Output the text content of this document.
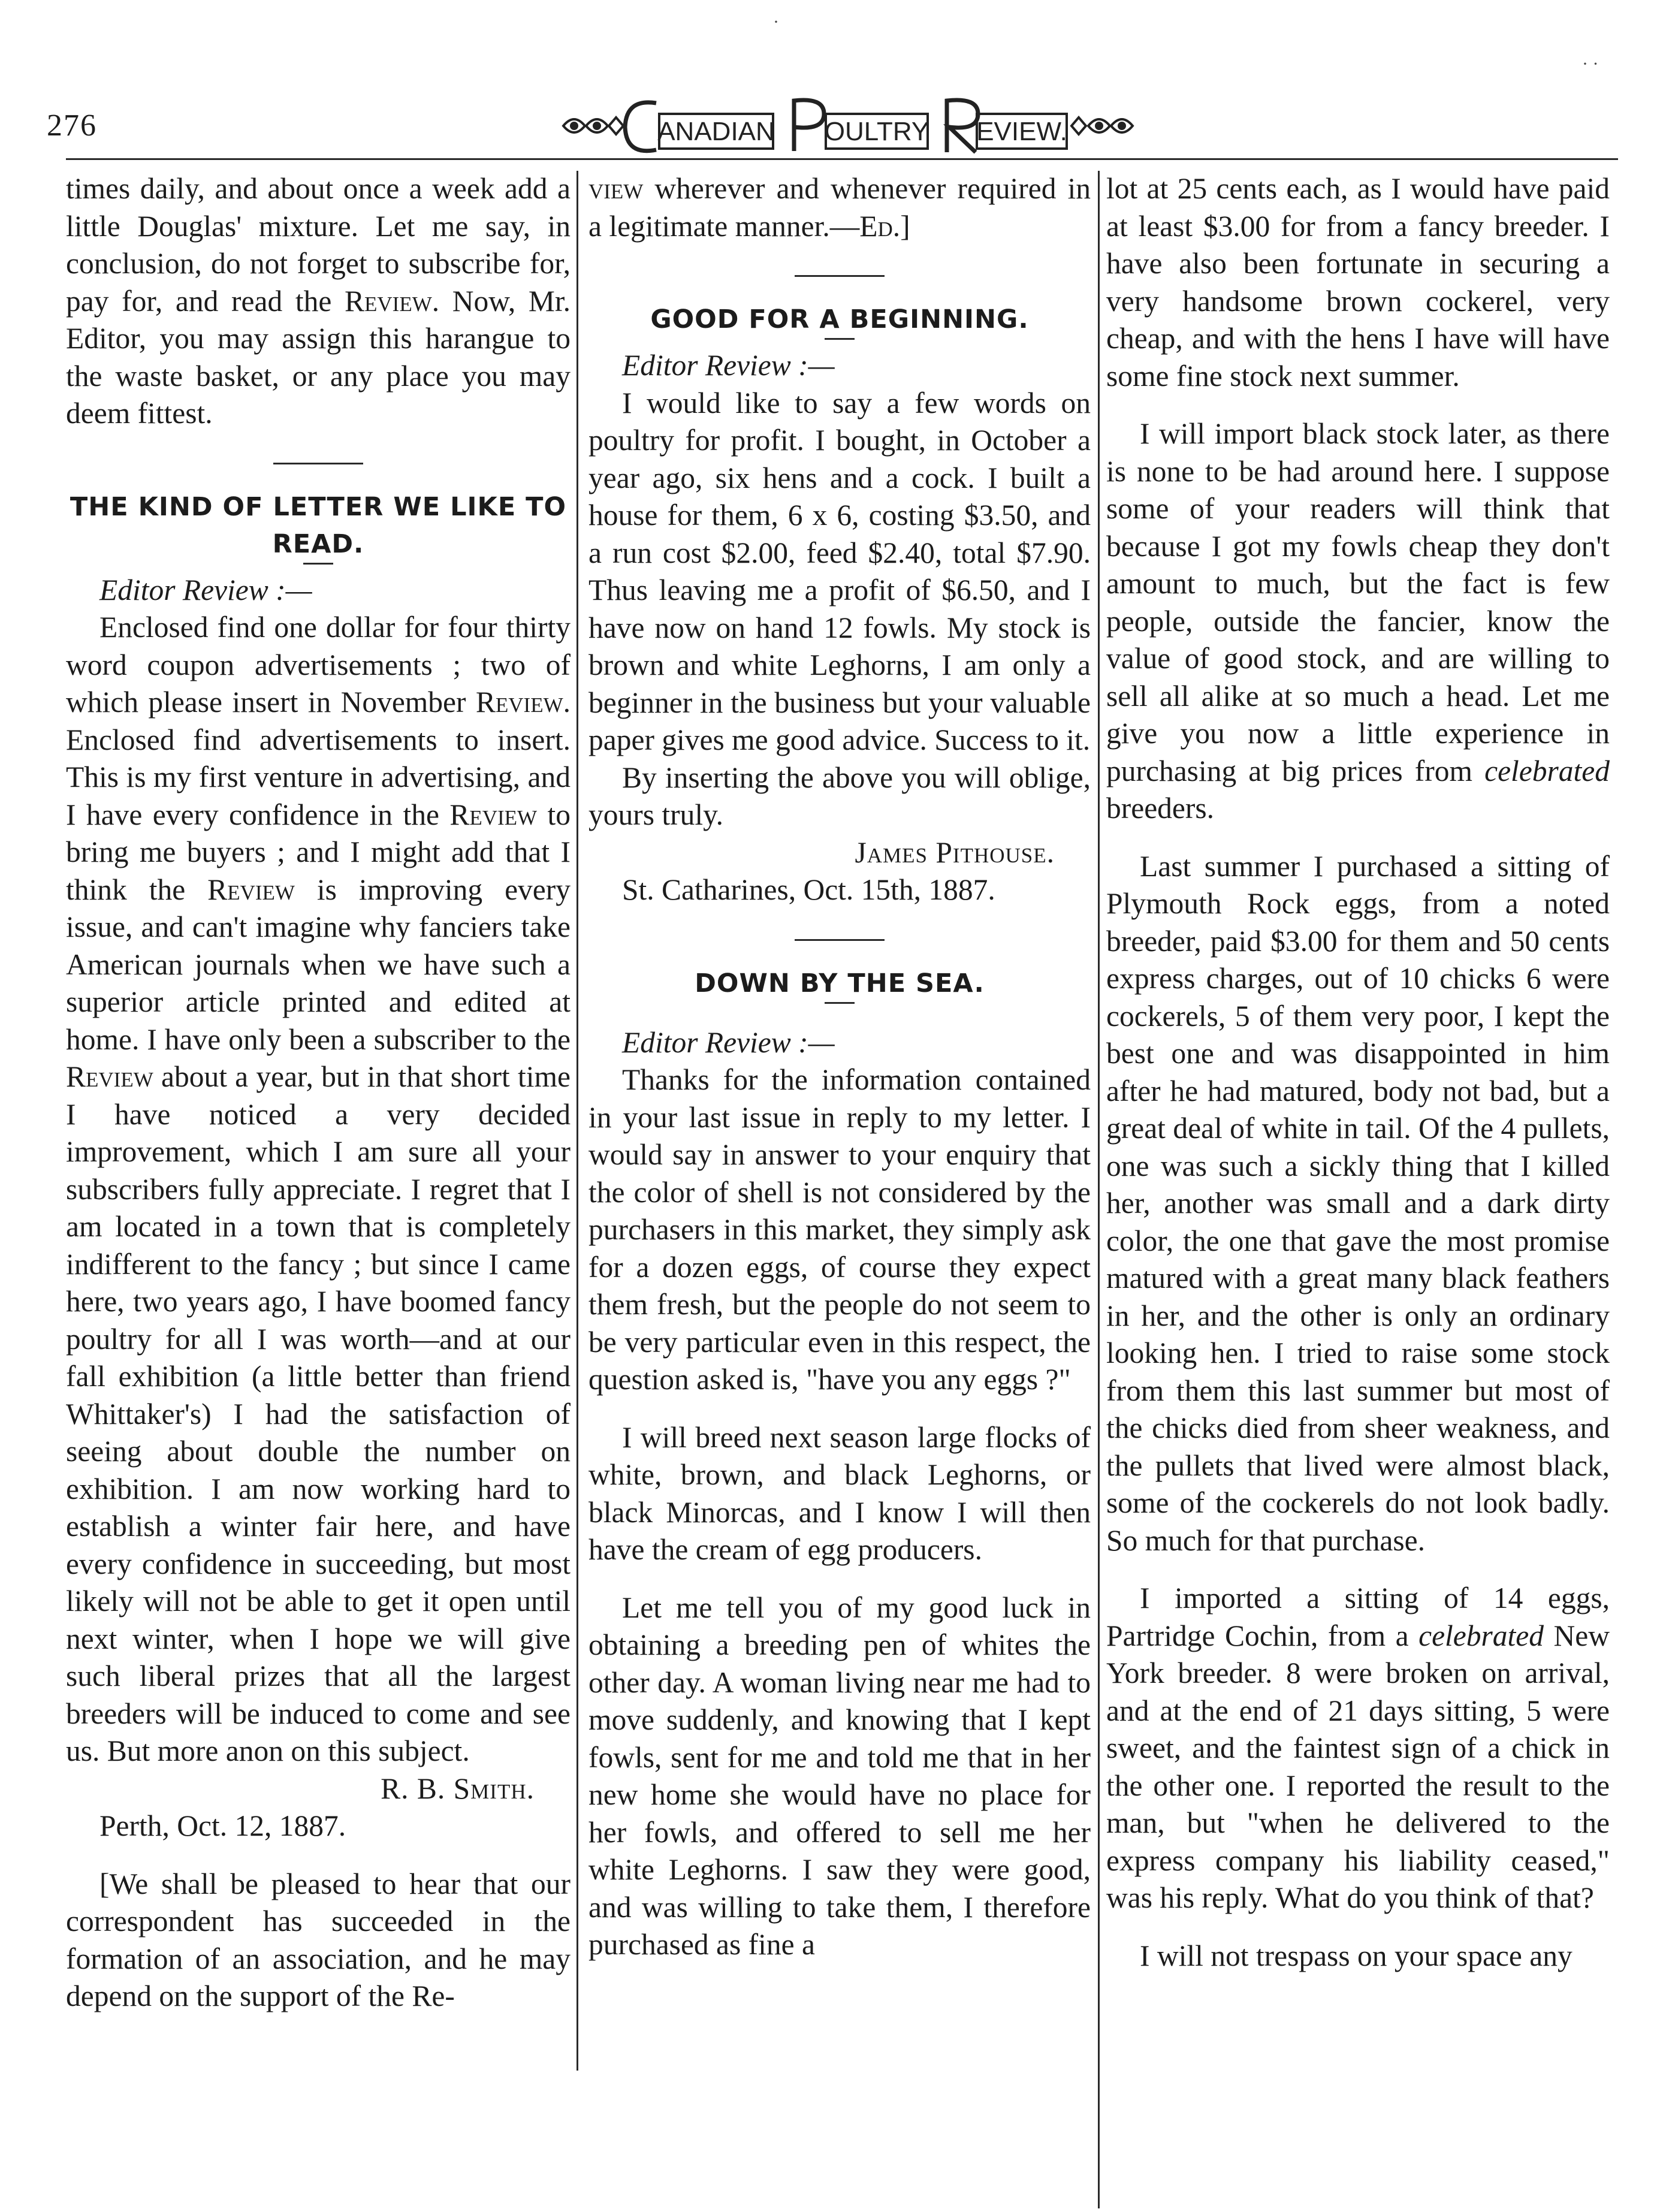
276	ANADIAN OULTRY EVIEW.
·
· ·

times daily, and about once a week add a little Douglas' mixture. Let me say, in conclusion, do not forget to subscribe for, pay for, and read the Review. Now, Mr. Editor, you may assign this harangue to the waste basket, or any place you may deem fittest.

THE KIND OF LETTER WE LIKE TO READ.

Editor Review :—

Enclosed find one dollar for four thirty word coupon advertisements ; two of which please insert in November Review. Enclosed find advertisements to insert. This is my first venture in advertising, and I have every confidence in the Review to bring me buyers ; and I might add that I think the Review is improving every issue, and can't imagine why fanciers take American journals when we have such a superior article printed and edited at home. I have only been a subscriber to the Review about a year, but in that short time I have noticed a very decided improvement, which I am sure all your subscribers fully appreciate. I regret that I am located in a town that is completely indifferent to the fancy ; but since I came here, two years ago, I have boomed fancy poultry for all I was worth—and at our fall exhibition (a little better than friend Whittaker's) I had the satisfaction of seeing about double the number on exhibition. I am now working hard to establish a winter fair here, and have every confidence in succeeding, but most likely will not be able to get it open until next winter, when I hope we will give such liberal prizes that all the largest breeders will be induced to come and see us. But more anon on this subject.

R. B. Smith.

Perth, Oct. 12, 1887.

[We shall be pleased to hear that our correspondent has succeeded in the formation of an association, and he may depend on the support of the Re-

view wherever and whenever required in a legitimate manner.—Ed.]

GOOD FOR A BEGINNING.

Editor Review :—

I would like to say a few words on poultry for profit. I bought, in October a year ago, six hens and a cock. I built a house for them, 6 x 6, costing $3.50, and a run cost $2.00, feed $2.40, total $7.90. Thus leaving me a profit of $6.50, and I have now on hand 12 fowls. My stock is brown and white Leghorns, I am only a beginner in the business but your valuable paper gives me good advice. Success to it.

By inserting the above you will oblige, yours truly.

James Pithouse.

St. Catharines, Oct. 15th, 1887.

DOWN BY THE SEA.

Editor Review :—

Thanks for the information contained in your last issue in reply to my letter. I would say in answer to your enquiry that the color of shell is not considered by the purchasers in this market, they simply ask for a dozen eggs, of course they expect them fresh, but the people do not seem to be very particular even in this respect, the question asked is, "have you any eggs ?"

I will breed next season large flocks of white, brown, and black Leghorns, or black Minorcas, and I know I will then have the cream of egg producers.

Let me tell you of my good luck in obtaining a breeding pen of whites the other day. A woman living near me had to move suddenly, and knowing that I kept fowls, sent for me and told me that in her new home she would have no place for her fowls, and offered to sell me her white Leghorns. I saw they were good, and was willing to take them, I therefore purchased as fine a

lot at 25 cents each, as I would have paid at least $3.00 for from a fancy breeder. I have also been fortunate in securing a very handsome brown cockerel, very cheap, and with the hens I have will have some fine stock next summer.

I will import black stock later, as there is none to be had around here. I suppose some of your readers will think that because I got my fowls cheap they don't amount to much, but the fact is few people, outside the fancier, know the value of good stock, and are willing to sell all alike at so much a head. Let me give you now a little experience in purchasing at big prices from celebrated breeders.

Last summer I purchased a sitting of Plymouth Rock eggs, from a noted breeder, paid $3.00 for them and 50 cents express charges, out of 10 chicks 6 were cockerels, 5 of them very poor, I kept the best one and was disappointed in him after he had matured, body not bad, but a great deal of white in tail. Of the 4 pullets, one was such a sickly thing that I killed her, another was small and a dark dirty color, the one that gave the most promise matured with a great many black feathers in her, and the other is only an ordinary looking hen. I tried to raise some stock from them this last summer but most of the chicks died from sheer weakness, and the pullets that lived were almost black, some of the cockerels do not look badly. So much for that purchase.

I imported a sitting of 14 eggs, Partridge Cochin, from a celebrated New York breeder. 8 were broken on arrival, and at the end of 21 days sitting, 5 were sweet, and the faintest sign of a chick in the other one. I reported the result to the man, but "when he delivered to the express company his liability ceased," was his reply. What do you think of that?

I will not trespass on your space any
